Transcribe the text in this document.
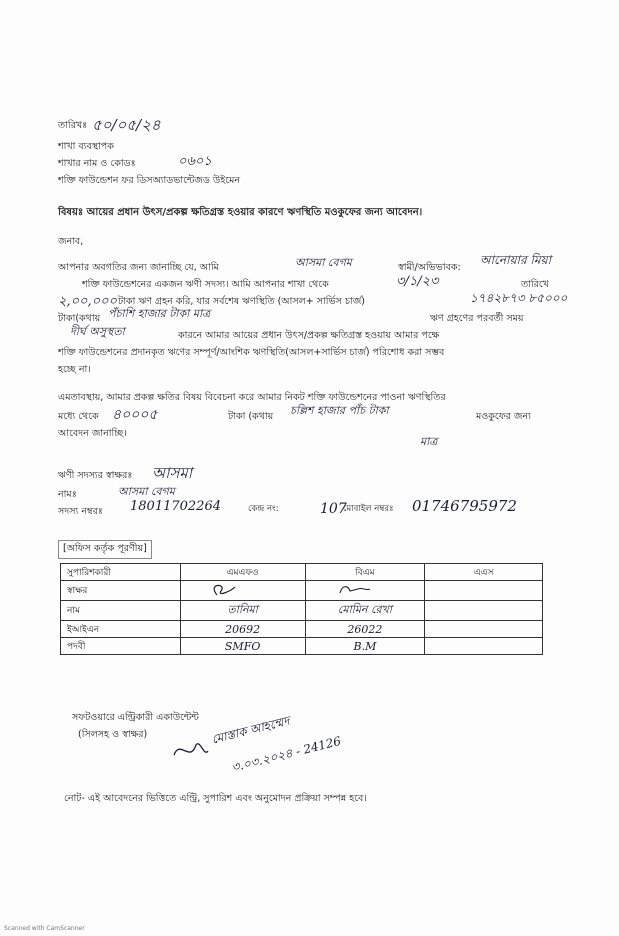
তারিখঃ ৫০/০৫/২৪
শাখা ব্যবস্থাপক
শাখার নাম ও কোডঃ	০৬০১
শক্তি ফাউন্ডেশন ফর ডিসঅ্যাডভান্টেজড উইমেন
বিষয়ঃ আয়ের প্রধান উৎস/প্রকল্প ক্ষতিগ্রস্ত হওয়ার কারণে ঋণস্থিতি মওকুফের জন্য আবেদন।
জনাব,
আপনার অবগতির জন্য জানাচ্ছি যে, আমি	আসমা বেগম	স্বামী/অভিভাবক:
আনোয়ার মিয়া
শক্তি ফাউন্ডেশনের একজন ঋণী সদস্য। আমি আপনার শাখা থেকে	৩/১/২৩	তারিখে
২,০০,০০০ টাকা ঋণ গ্রহন করি, যার সর্বশেষ ঋণস্থিতি (আসল+ সার্ভিস চার্জ)	১৭৪২৮৭৩ ৮৫০০০
টাকা(কথায় পঁচাশি হাজার টাকা মাত্র	ঋণ গ্রহণের পরবর্তী সময়
দীর্ঘ অসুস্থতা	কারনে আমার আয়ের প্রধান উৎস/প্রকল্প ক্ষতিগ্রস্ত হওয়ায় আমার পক্ষে
শক্তি ফাউন্ডেশনের প্রদানকৃত ঋণের সম্পূর্ণ/আংশিক ঋণস্থিতি(আসল+সার্ভিস চার্জ) পরিশোধ করা সম্ভব
হচ্ছে না।
এমতাবস্থায়, আমার প্রকল্প ক্ষতির বিষয় বিবেচনা করে আমার নিকট শক্তি ফাউন্ডেশনের পাওনা ঋণস্থিতির
মধ্যে থেকে ৪০০০৫	টাকা (কথায় চল্লিশ হাজার পাঁচ টাকা	মওকুফের জন্য
আবেদন জানাচ্ছি।
মাত্র
ঋণী সদস্যর স্বাক্ষরঃ আসমা
নামঃ	আসমা বেগম
সদস্য নম্বরঃ 18011702264	কেন্দ্র নং:	107
মোবাইল নম্বরঃ 01746795972
[অফিস কর্তৃক পূরণীয়]
সুপারিশকারী	এমএফও	বিএম	এএস
স্বাক্ষর			
নাম	তানিমা	মোমিন রেখা	
ইআইএন	20692	26022	
পদবী	SMFO	B.M	
সফটওয়ারে এন্ট্রিকারী একাউন্টেন্ট
(সিলসহ ও স্বাক্ষর)	মোস্তাক আহম্মেদ
৩.০৩.২০২৪ - 24126
নোট- এই আবেদনের ভিত্তিতে এন্ট্রি, সুপারিশ এবং অনুমোদন প্রক্রিয়া সম্পন্ন হবে।
Scanned with CamScanner
